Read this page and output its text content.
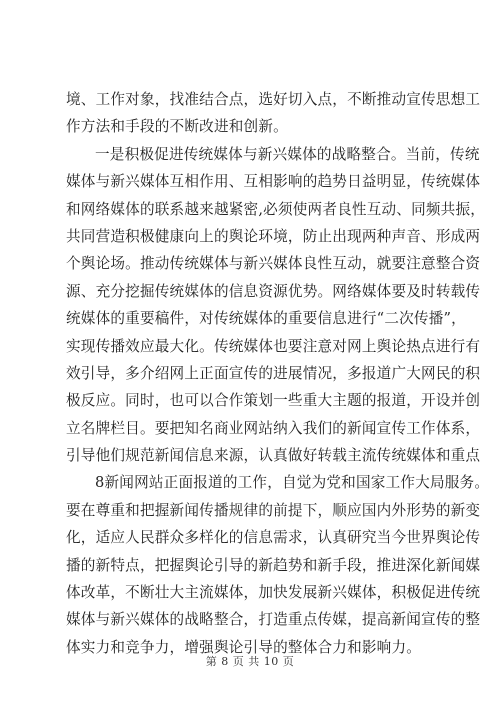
境、工作对象，找准结合点，选好切入点，不断推动宣传思想工
作方法和手段的不断改进和创新。
一是积极促进传统媒体与新兴媒体的战略整合。当前，传统
媒体与新兴媒体互相作用、互相影响的趋势日益明显，传统媒体
和网络媒体的联系越来越紧密,必须使两者良性互动、同频共振，
共同营造积极健康向上的舆论环境，防止出现两种声音、形成两
个舆论场。推动传统媒体与新兴媒体良性互动，就要注意整合资
源、充分挖掘传统媒体的信息资源优势。网络媒体要及时转载传
统媒体的重要稿件，对传统媒体的重要信息进行“二次传播”，
实现传播效应最大化。传统媒体也要注意对网上舆论热点进行有
效引导，多介绍网上正面宣传的进展情况，多报道广大网民的积
极反应。同时，也可以合作策划一些重大主题的报道，开设并创
立名牌栏目。要把知名商业网站纳入我们的新闻宣传工作体系，
引导他们规范新闻信息来源，认真做好转载主流传统媒体和重点
8新闻网站正面报道的工作，自觉为党和国家工作大局服务。
要在尊重和把握新闻传播规律的前提下，顺应国内外形势的新变
化，适应人民群众多样化的信息需求，认真研究当今世界舆论传
播的新特点，把握舆论引导的新趋势和新手段，推进深化新闻媒
体改革，不断壮大主流媒体，加快发展新兴媒体，积极促进传统
媒体与新兴媒体的战略整合，打造重点传媒，提高新闻宣传的整
体实力和竞争力，增强舆论引导的整体合力和影响力。
第 8 页 共 10 页
